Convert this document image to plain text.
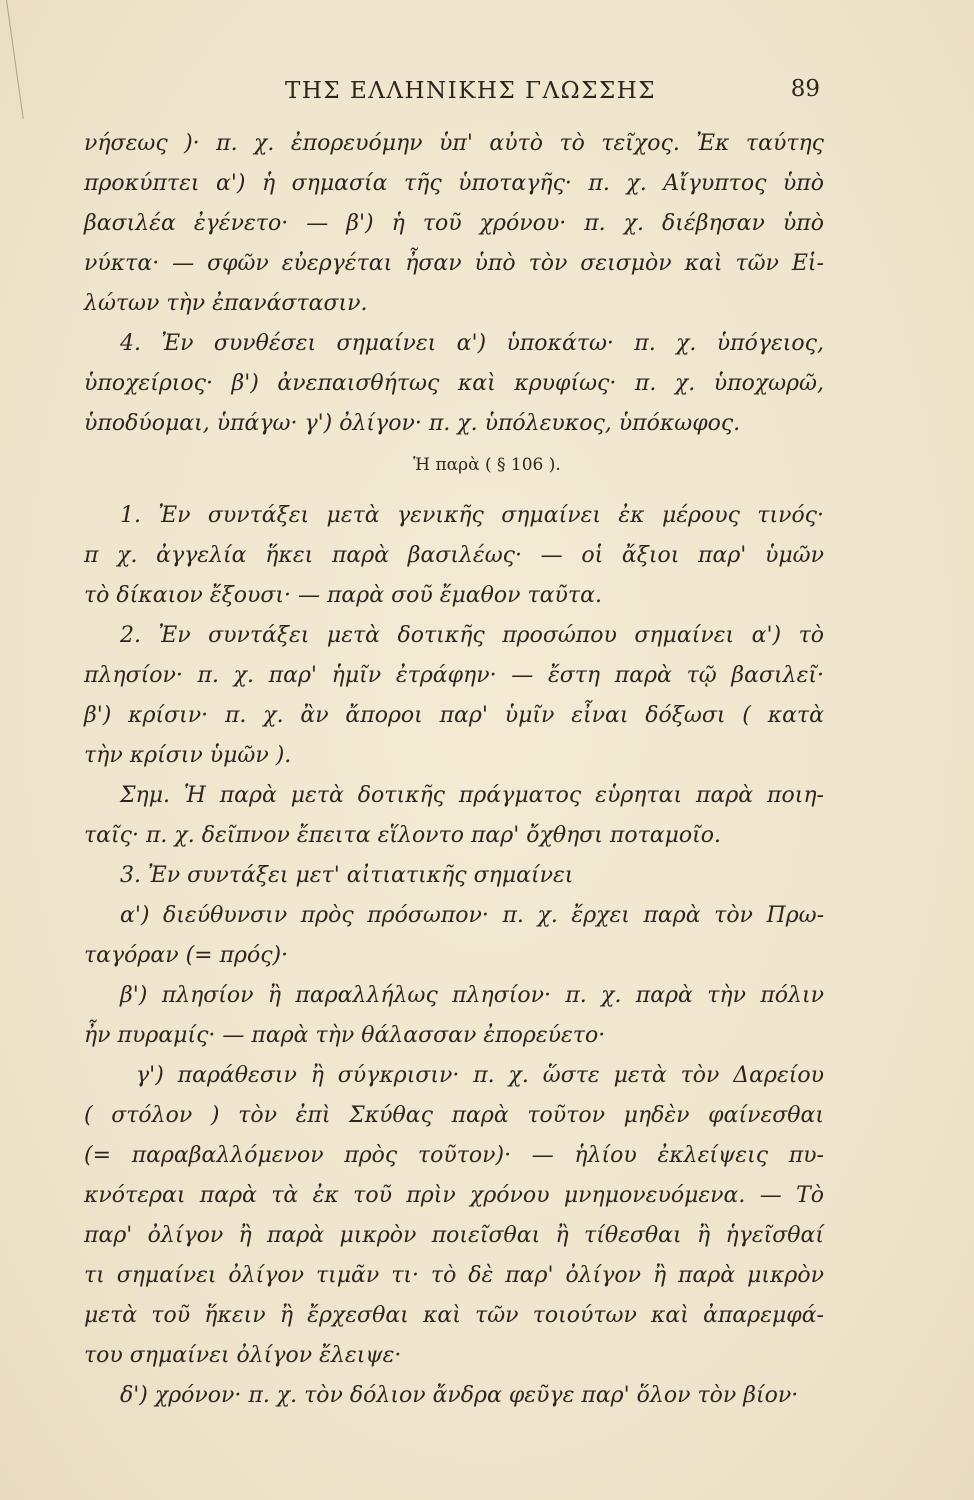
ΤΗΣ ΕΛΛΗΝΙΚΗΣ ΓΛΩΣΣΗΣ	89
νήσεως )· π. χ. ἐπορευόμην ὑπ' αὐτὸ τὸ τεῖχος. Ἐκ ταύτης
προκύπτει α') ἡ σημασία τῆς ὑποταγῆς· π. χ. Αἴγυπτος ὑπὸ
βασιλέα ἐγένετο· — β') ἡ τοῦ χρόνου· π. χ. διέβησαν ὑπὸ
νύκτα· — σφῶν εὐεργέται ἦσαν ὑπὸ τὸν σεισμὸν καὶ τῶν Εἱ-
λώτων τὴν ἐπανάστασιν.
4. Ἐν συνθέσει σημαίνει α') ὑποκάτω· π. χ. ὑπόγειος,
ὑποχείριος· β') ἀνεπαισθήτως καὶ κρυφίως· π. χ. ὑποχωρῶ,
ὑποδύομαι, ὑπάγω· γ') ὀλίγον· π. χ. ὑπόλευκος, ὑπόκωφος.
Ἡ παρὰ ( § 106 ).
1. Ἐν συντάξει μετὰ γενικῆς σημαίνει ἐκ μέρους τινός·
π χ. ἀγγελία ἥκει παρὰ βασιλέως· — οἱ ἄξιοι παρ' ὑμῶν
τὸ δίκαιον ἔξουσι· — παρὰ σοῦ ἔμαθον ταῦτα.
2. Ἐν συντάξει μετὰ δοτικῆς προσώπου σημαίνει α') τὸ
πλησίον· π. χ. παρ' ἡμῖν ἐτράφην· — ἔστη παρὰ τῷ βασιλεῖ·
β') κρίσιν· π. χ. ἂν ἄποροι παρ' ὑμῖν εἶναι δόξωσι ( κατὰ
τὴν κρίσιν ὑμῶν ).
Σημ. Ἡ παρὰ μετὰ δοτικῆς πράγματος εὑρηται παρὰ ποιη-
ταῖς· π. χ. δεῖπνον ἔπειτα εἵλοντο παρ' ὄχθησι ποταμοῖο.
3. Ἐν συντάξει μετ' αἰτιατικῆς σημαίνει
α') διεύθυνσιν πρὸς πρόσωπον· π. χ. ἔρχει παρὰ τὸν Πρω-
ταγόραν (= πρός)·
β') πλησίον ἢ παραλλήλως πλησίον· π. χ. παρὰ τὴν πόλιν
ἦν πυραμίς· — παρὰ τὴν θάλασσαν ἐπορεύετο·
γ') παράθεσιν ἢ σύγκρισιν· π. χ. ὥστε μετὰ τὸν Δαρείου
( στόλον ) τὸν ἐπὶ Σκύθας παρὰ τοῦτον μηδὲν φαίνεσθαι
(= παραβαλλόμενον πρὸς τοῦτον)· — ἡλίου ἐκλείψεις πυ-
κνότεραι παρὰ τὰ ἐκ τοῦ πρὶν χρόνου μνημονευόμενα. — Τὸ
παρ' ὀλίγον ἢ παρὰ μικρὸν ποιεῖσθαι ἢ τίθεσθαι ἢ ἡγεῖσθαί
τι σημαίνει ὀλίγον τιμᾶν τι· τὸ δὲ παρ' ὀλίγον ἢ παρὰ μικρὸν
μετὰ τοῦ ἥκειν ἢ ἔρχεσθαι καὶ τῶν τοιούτων καὶ ἀπαρεμφά-
του σημαίνει ὀλίγον ἔλειψε·
δ') χρόνον· π. χ. τὸν δόλιον ἄνδρα φεῦγε παρ' ὅλον τὸν βίον·
